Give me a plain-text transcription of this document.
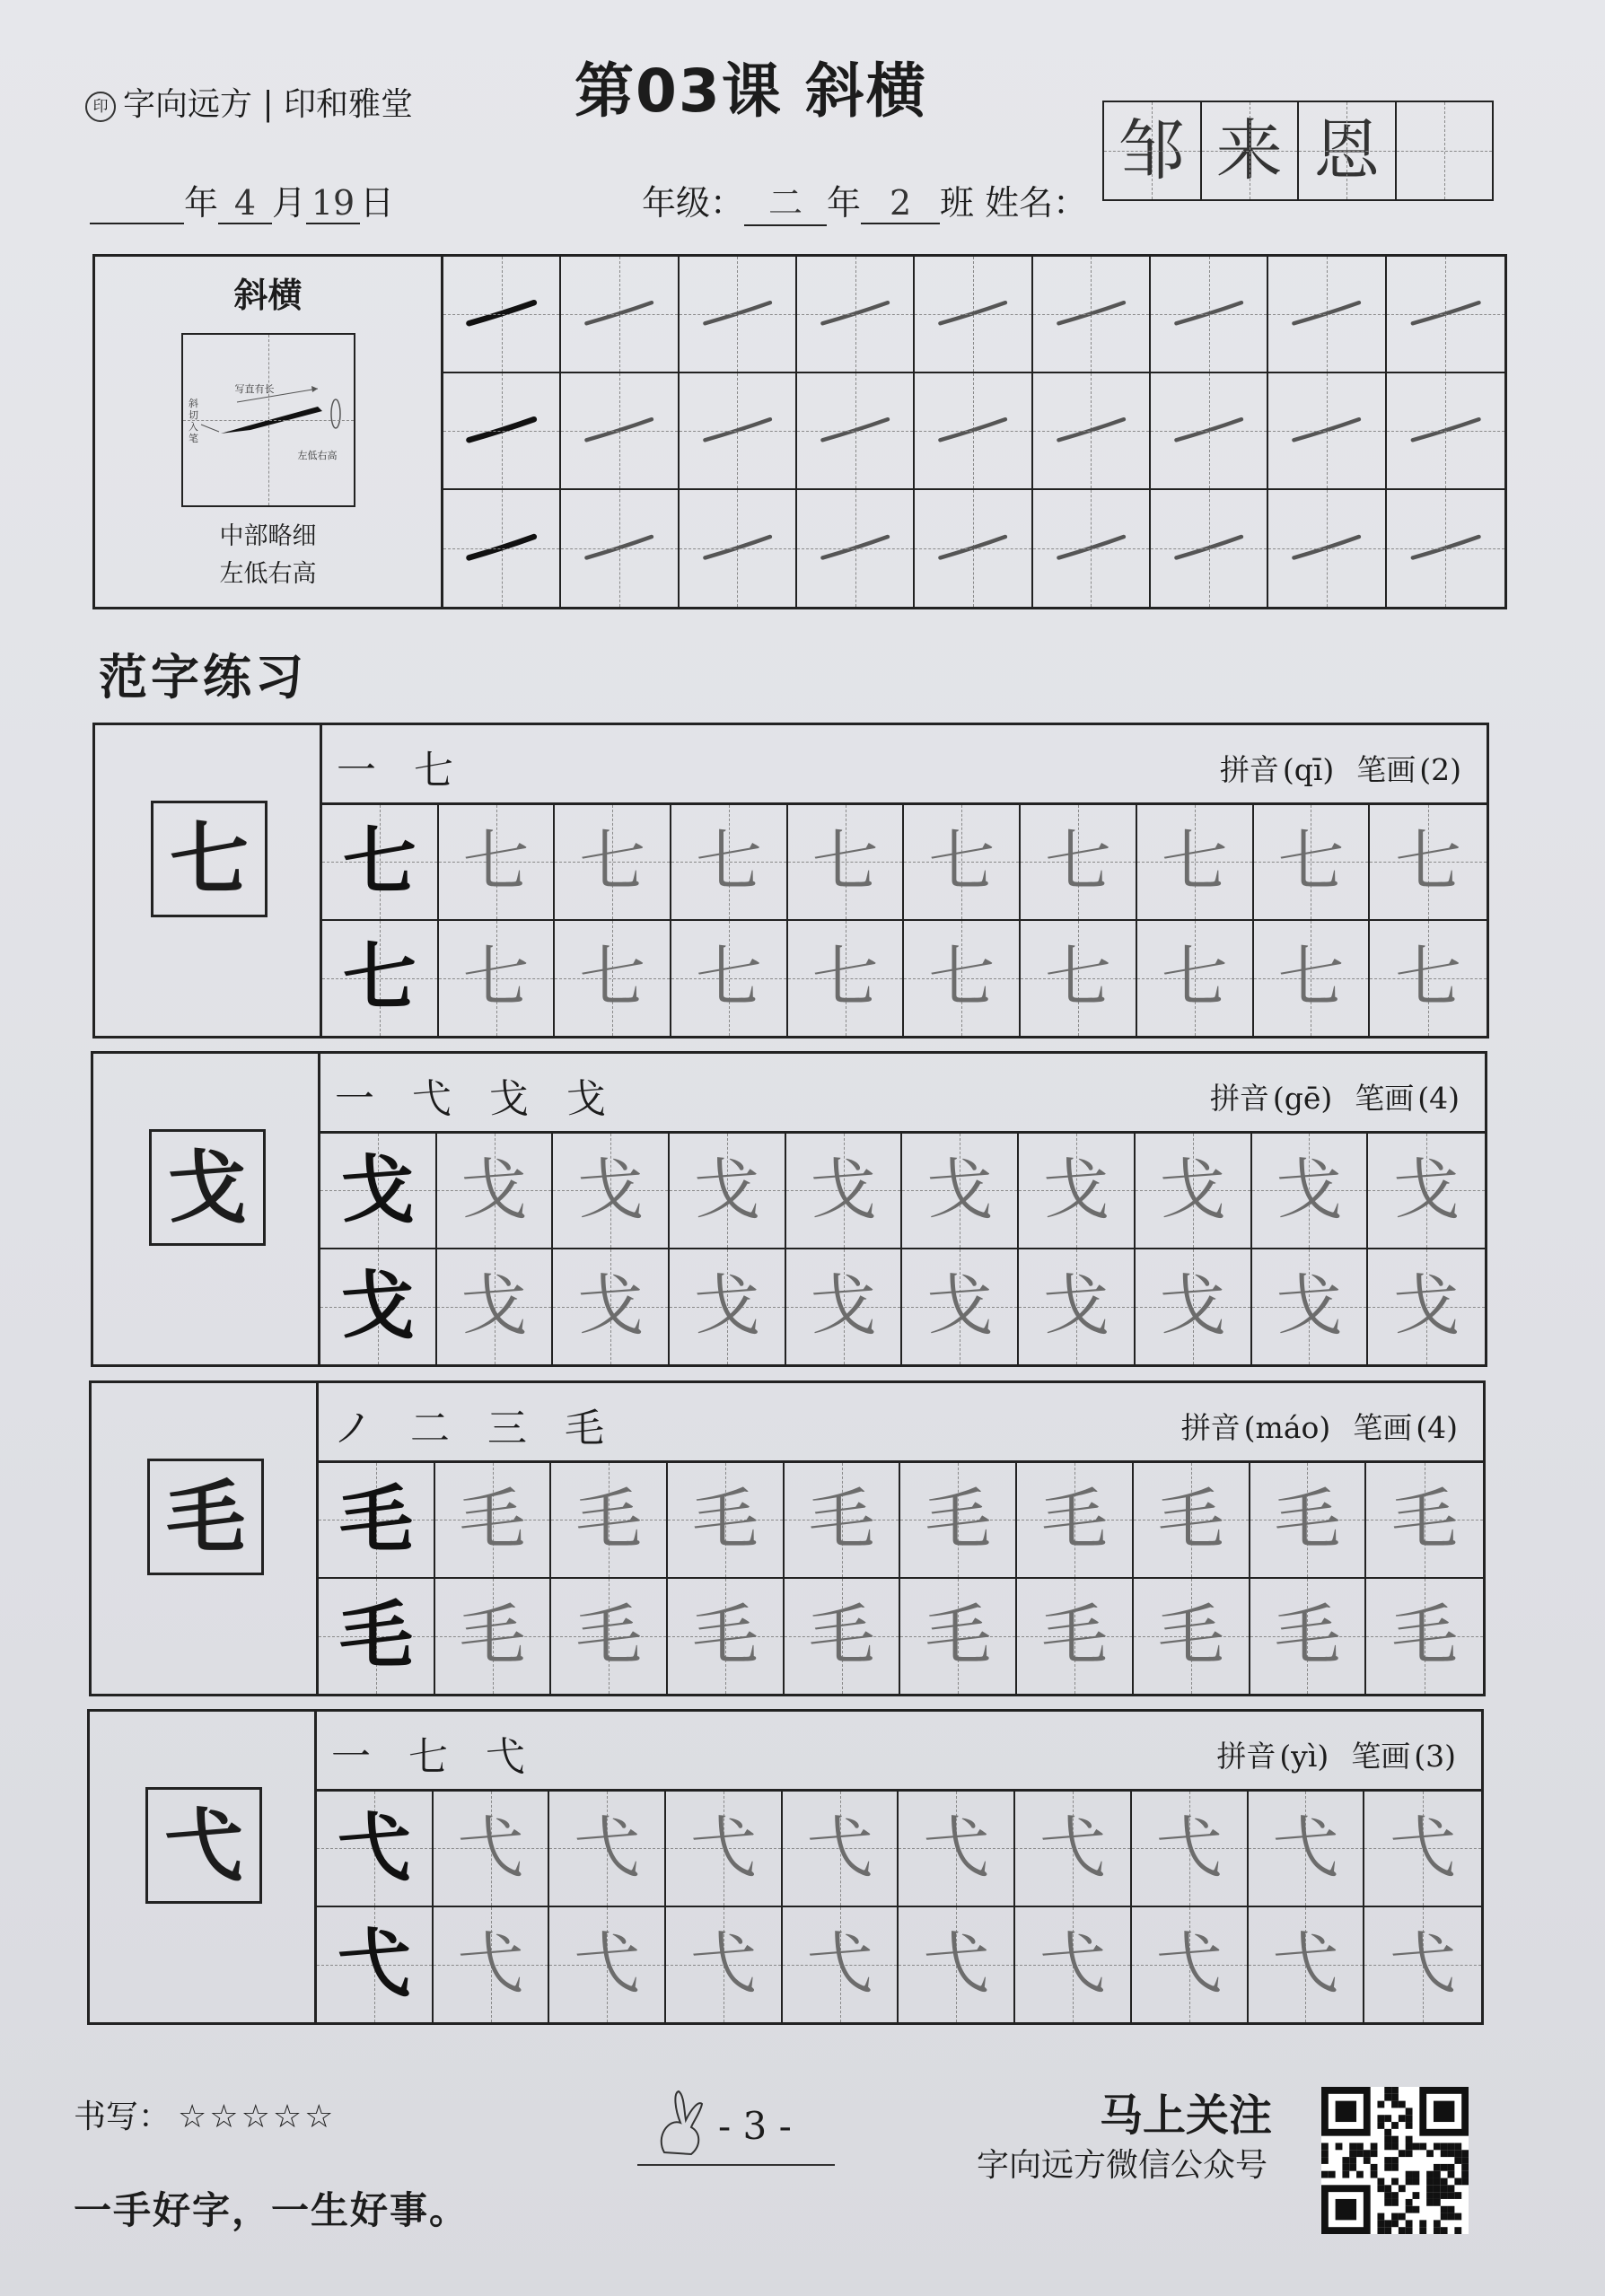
印 字向远方 | 印和雅堂	第03课 斜横
年 4 月 19 日	年级： 二 年 2 班 姓名：
邹 来 恩
斜横
写直有长
斜切入笔
左低右高
中部略细
左低右高
范字练习
七
一 七	拼音 (qī) 笔画 (2)
七 七 七 七 七 七 七 七 七 七
七 七 七 七 七 七 七 七 七 七
戈
一 弋 戈 戈	拼音 (gē) 笔画 (4)
戈 戈 戈 戈 戈 戈 戈 戈 戈 戈
戈 戈 戈 戈 戈 戈 戈 戈 戈 戈
毛
ノ 二 三 毛	拼音 (máo) 笔画 (4)
毛 毛 毛 毛 毛 毛 毛 毛 毛 毛
毛 毛 毛 毛 毛 毛 毛 毛 毛 毛
弋
一 七 弋	拼音 (yì) 笔画 (3)
弋 弋 弋 弋 弋 弋 弋 弋 弋 弋
弋 弋 弋 弋 弋 弋 弋 弋 弋 弋
书写： ☆☆☆☆☆
一手好字，一生好事。
- 3 -	马上关注
字向远方微信公众号
